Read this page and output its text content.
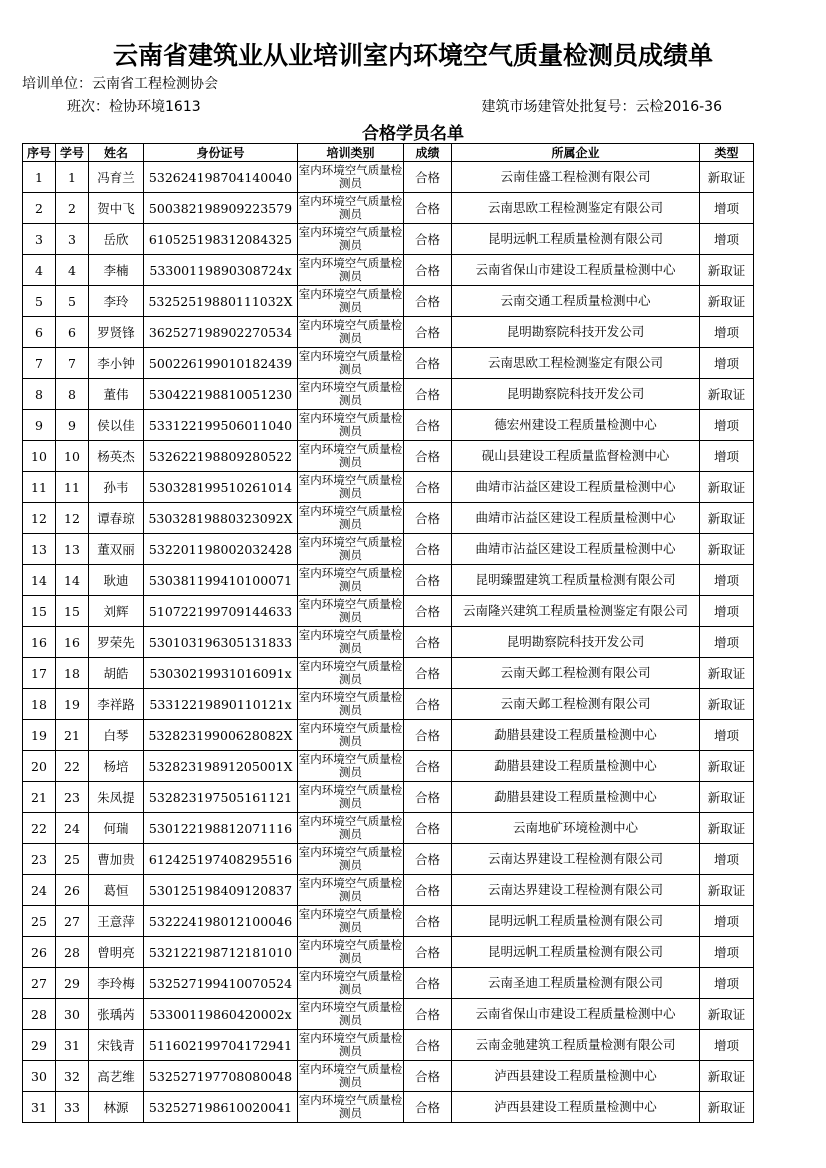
云南省建筑业从业培训室内环境空气质量检测员成绩单
培训单位：云南省工程检测协会
班次：检协环境1613	建筑市场建管处批复号：云检2016-36
合格学员名单
序号	学号	姓名	身份证号	培训类别	成绩	所属企业	类型
1	1	冯育兰	532624198704140040	室内环境空气质量检测员	合格	云南佳盛工程检测有限公司	新取证
2	2	贺中飞	500382198909223579	室内环境空气质量检测员	合格	云南思欧工程检测鉴定有限公司	增项
3	3	岳欣	610525198312084325	室内环境空气质量检测员	合格	昆明远帆工程质量检测有限公司	增项
4	4	李楠	53300119890308724x	室内环境空气质量检测员	合格	云南省保山市建设工程质量检测中心	新取证
5	5	李玲	53252519880111032X	室内环境空气质量检测员	合格	云南交通工程质量检测中心	新取证
6	6	罗贤锋	362527198902270534	室内环境空气质量检测员	合格	昆明勘察院科技开发公司	增项
7	7	李小钟	500226199010182439	室内环境空气质量检测员	合格	云南思欧工程检测鉴定有限公司	增项
8	8	董伟	530422198810051230	室内环境空气质量检测员	合格	昆明勘察院科技开发公司	新取证
9	9	侯以佳	533122199506011040	室内环境空气质量检测员	合格	德宏州建设工程质量检测中心	增项
10	10	杨英杰	532622198809280522	室内环境空气质量检测员	合格	砚山县建设工程质量监督检测中心	增项
11	11	孙韦	530328199510261014	室内环境空气质量检测员	合格	曲靖市沾益区建设工程质量检测中心	新取证
12	12	谭春琼	53032819880323092X	室内环境空气质量检测员	合格	曲靖市沾益区建设工程质量检测中心	新取证
13	13	董双丽	532201198002032428	室内环境空气质量检测员	合格	曲靖市沾益区建设工程质量检测中心	新取证
14	14	耿迪	530381199410100071	室内环境空气质量检测员	合格	昆明臻盟建筑工程质量检测有限公司	增项
15	15	刘辉	510722199709144633	室内环境空气质量检测员	合格	云南隆兴建筑工程质量检测鉴定有限公司	增项
16	16	罗荣先	530103196305131833	室内环境空气质量检测员	合格	昆明勘察院科技开发公司	增项
17	18	胡皓	53030219931016091x	室内环境空气质量检测员	合格	云南天邺工程检测有限公司	新取证
18	19	李祥路	53312219890110121x	室内环境空气质量检测员	合格	云南天邺工程检测有限公司	新取证
19	21	白琴	53282319900628082X	室内环境空气质量检测员	合格	勐腊县建设工程质量检测中心	增项
20	22	杨培	53282319891205001X	室内环境空气质量检测员	合格	勐腊县建设工程质量检测中心	新取证
21	23	朱凤提	532823197505161121	室内环境空气质量检测员	合格	勐腊县建设工程质量检测中心	新取证
22	24	何瑞	530122198812071116	室内环境空气质量检测员	合格	云南地矿环境检测中心	新取证
23	25	曹加贵	612425197408295516	室内环境空气质量检测员	合格	云南达界建设工程检测有限公司	增项
24	26	葛恒	530125198409120837	室内环境空气质量检测员	合格	云南达界建设工程检测有限公司	新取证
25	27	王意萍	532224198012100046	室内环境空气质量检测员	合格	昆明远帆工程质量检测有限公司	增项
26	28	曾明亮	532122198712181010	室内环境空气质量检测员	合格	昆明远帆工程质量检测有限公司	增项
27	29	李玲梅	532527199410070524	室内环境空气质量检测员	合格	云南圣迪工程质量检测有限公司	增项
28	30	张瑀芮	53300119860420002x	室内环境空气质量检测员	合格	云南省保山市建设工程质量检测中心	新取证
29	31	宋钱青	511602199704172941	室内环境空气质量检测员	合格	云南金驰建筑工程质量检测有限公司	增项
30	32	高艺维	532527197708080048	室内环境空气质量检测员	合格	泸西县建设工程质量检测中心	新取证
31	33	林源	532527198610020041	室内环境空气质量检测员	合格	泸西县建设工程质量检测中心	新取证
